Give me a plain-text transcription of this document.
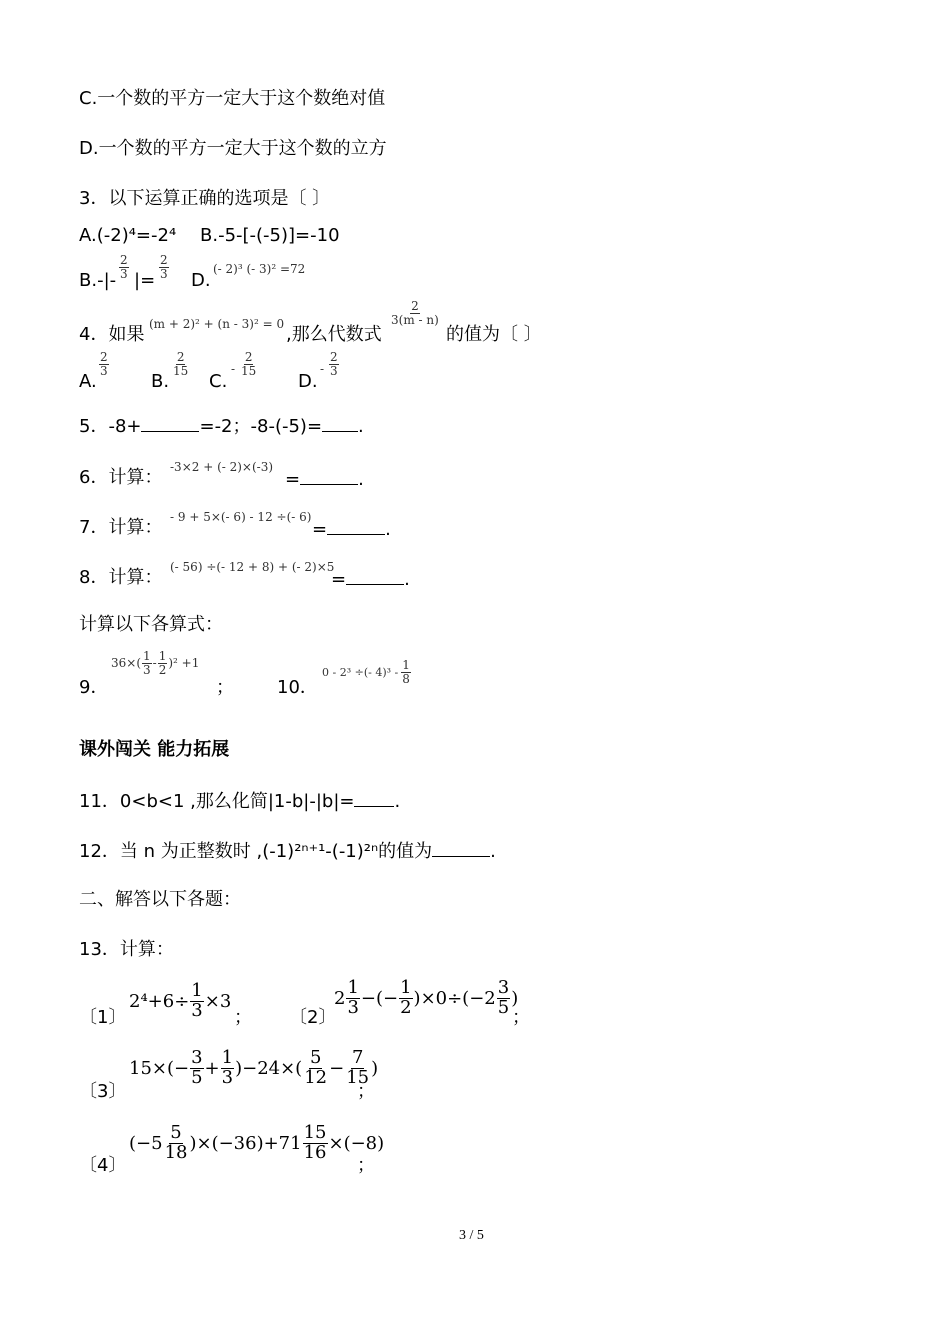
C.一个数的平方一定大于这个数绝对值
D.一个数的平方一定大于这个数的立方
3．以下运算正确的选项是〔 〕
A.(-2)⁴=-2⁴ B.-5-[-(-5)]=-10
B.-|-
$\frac{2}{3}$
|=
$\frac{2}{3}$
D.
(- 2)³ (- 3)² =72
4．如果 (m + 2)² + (n - 3)² = 0 ,那么代数式
$\frac{2}{3(m - n)}$
的值为〔 〕
A.
$\frac{2}{3}$
B.
$\frac{2}{15}$
C.
- $\frac{2}{15}$
D.
- $\frac{2}{3}$
5．-8+	=-2；-8-(-5)= .
6．计算： -3×2 + (- 2)×(-3)
=	.
7．计算： - 9 + 5×(- 6) - 12 ÷(- 6)
=	.
8．计算： (- 56) ÷(- 12 + 8) + (- 2)×5
=	.
计算以下各算式：
9．
$36\times( \frac{1}{3} - \frac{1}{2} )^2 +1$
； 10．
0 - 2³ ÷(- $4)^3 - \frac{1}{8}$
课外闯关 能力拓展
11．0<b<1 ,那么化简|1-b|-|b|= .
12．当 n 为正整数时 ,(-1)²ⁿ⁺¹-(-1)²ⁿ的值为	.
二、解答以下各题：
13．计算：
〔1〕
$2^4+6\div \frac{1}{3} \times 3$
； 〔2〕
$2 \frac{1}{3}$ −(− $\frac{1}{2} )\times 0\div(-2 \frac{3}{5}$ )
；
〔3〕
$15\times(- \frac{3}{5} + \frac{1}{3} )-24\times( \frac{5}{12} - \frac{7}{15}$ )
；
〔4〕
$(-5 \frac{5}{18} )\times(-36)+71 \frac{15}{16} \times(-8)$
；
3 / 5
